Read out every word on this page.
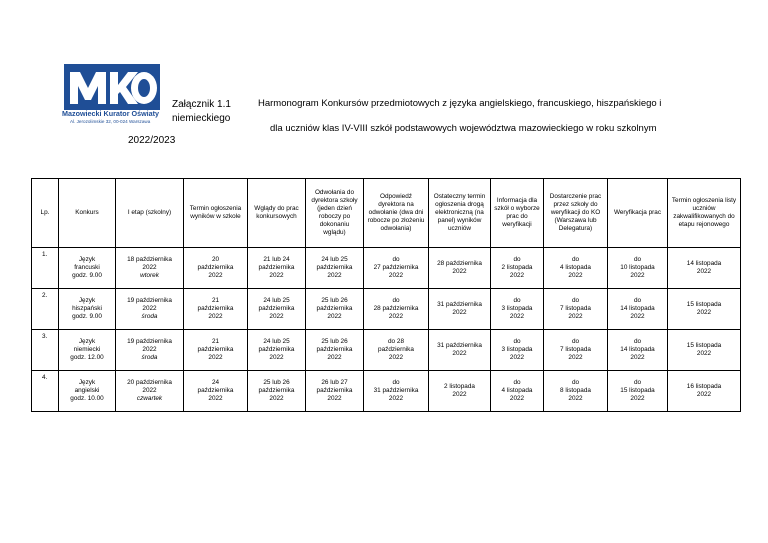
Mazowiecki Kurator Oświaty
Al. Jerozolimskie 32, 00-024 Warszawa
2022/2023
Załącznik 1.1
niemieckiego
Harmonogram Konkursów przedmiotowych z języka angielskiego, francuskiego, hiszpańskiego i
dla uczniów klas IV-VIII szkół podstawowych województwa mazowieckiego w roku szkolnym
Lp.	Konkurs	I etap (szkolny)	Termin ogłoszenia wyników w szkole	Wglądy do prac konkursowych	Odwołania do dyrektora szkoły (jeden dzień roboczy po dokonaniu wglądu)	Odpowiedź dyrektora na odwołanie (dwa dni robocze po złożeniu odwołania)	Ostateczny termin ogłoszenia drogą elektroniczną (na panel) wyników uczniów	Informacja dla szkół o wyborze prac do weryfikacji	Dostarczenie prac przez szkoły do weryfikacji do KO (Warszawa lub Delegatura)	Weryfikacja prac	Termin ogłoszenia listy uczniów zakwalifikowanych do etapu rejonowego
1.	Język
francuski
godz. 9.00	18 października
2022
wtorek	20
października
2022	21 lub 24
października
2022	24 lub 25
października
2022	do
27 października
2022	28 października
2022	do
2 listopada
2022	do
4 listopada
2022	do
10 listopada
2022	14 listopada
2022

2.	Język
hiszpański
godz. 9.00	19 października
2022
środa	21
października
2022	24 lub 25
października
2022	25 lub 26
października
2022	do
28 października
2022	31 października
2022	do
3 listopada
2022	do
7 listopada
2022	do
14 listopada
2022	15 listopada
2022

3.	Język
niemiecki
godz. 12.00	19 października
2022
środa	21
października
2022	24 lub 25
października
2022	25 lub 26
października
2022	do 28
października
2022	31 października
2022	do
3 listopada
2022	do
7 listopada
2022	do
14 listopada
2022	15 listopada
2022

4.	Język
angielski
godz. 10.00	20 października
2022
czwartek	24
października
2022	25 lub 26
października
2022	26 lub 27
października
2022	do
31 października
2022	2 listopada
2022	do
4 listopada
2022	do
8 listopada
2022	do
15 listopada
2022	16 listopada
2022
